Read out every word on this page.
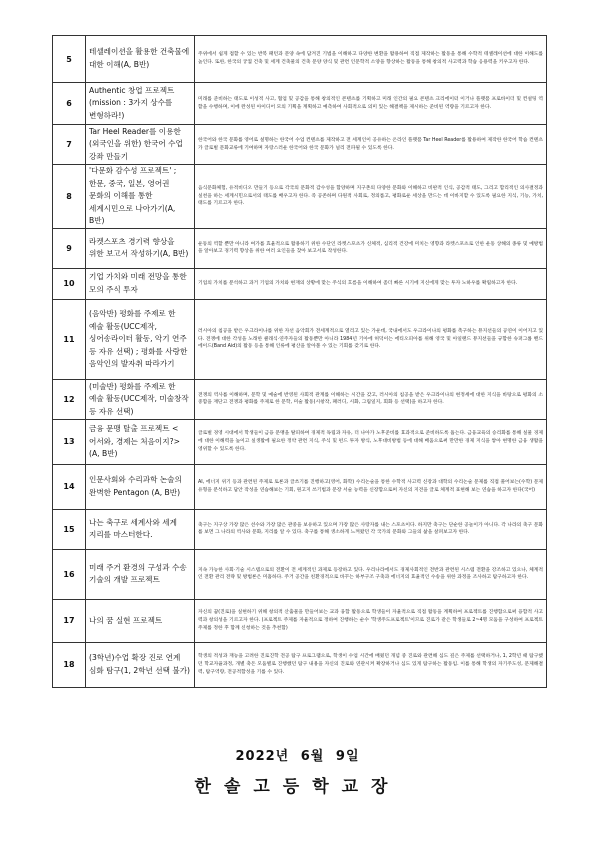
5	테셀레이션을 활용한 건축물에 대한 이해(A, B반)	주위에서 쉽게 접할 수 있는 반복 패턴과 문양 속에 담겨진 기법을 이해하고 다양한 변환을 활용하여 직접 제작하는 활동을 통해 수학적 테셀레이션에 대한 이해도를 높인다. 또한, 한국의 궁궐 건축 및 세계 건축물의 건축 문양 양식 및 관련 인문학적 소양을 향상하는 활동을 통해 창의적 사고력과 학습 응용력을 키우고자 한다.
6	Authentic 창업 프로젝트(mission : 3가지 상수를 변형하라!)	미래를 준비하는 태도로 이성적 사고, 협업 및 공감을 통해 창의적인 콘텐츠를 기획하고 미래 인간의 필요 콘텐츠 크리에이터 이거나 플랫폼 프로바이더 및 컨설팅 역할을 수행하며, 이에 완성된 아이디어 모의 기획을 계획하고 예측하여 사회적으로 의미 있는 해결책을 제시하는 준비된 역량을 기르고자 한다.
7	Tar Heel Reader를 이용한 (외국인을 위한) 한국어 수업 강좌 만들기	한국어와 한국 문화를 영어로 설명하는 한국어 수업 컨텐츠를 제작하고 전 세계인이 공유하는 온라인 플랫폼 Tar Heel Reader를 활용하여 제작한 한국어 학습 컨텐츠가 글로벌 문화교류에 기여하며 자랑스러운 한국어와 한국 문화가 널리 전파될 수 있도록 한다.
8	'다문화 감수성 프로젝트' ; 한문, 중국, 일본, 영어권 문화의 이해를 통한 세계시민으로 나아가기(A, B반)	음식문화체험, 유적비디오 만들기 등으로 각국의 문화적 감수성을 함양하며 지구촌의 다양한 문화와 이해하고 비판적 인식, 공감적 태도, 그리고 합리적인 의사결정과 실천을 하는 세계시민으로서의 태도를 배우고자 한다. 즉 공존하며 다원적 사회로, 정의롭고, 평화로운 세상을 만드는 데 이바지할 수 있도록 필요한 지식, 기능, 가치, 태도를 기르고자 한다.
9	라켓스포츠 경기력 향상을 위한 보고서 작성하기(A, B반)	운동의 역할 뿐만 아니라 여가를 효율적으로 활용하기 위한 수단인 라켓스포츠가 신체적, 심리적 건강에 미치는 영향과 라켓스포츠로 인한 운동 상해의 종류 및 예방법을 알아보고 경기력 향상을 위한 여러 요인들을 찾아 보고서로 작성한다.
10	기업 가치와 미래 전망을 통한 모의 주식 투자	기업의 가치를 분석하고 과거 기업의 가치와 현재의 상황에 맞는 주식의 흐름을 이해하여 좀더 빠른 시기에 지신에게 맞는 투자 노하우를 확립하고자 한다.
11	(음악반) 평화를 주제로 한 예술 활동(UCC제작, 싱어송라이터 활동, 악기 연주 등 자유 선택) ; 평화를 사랑한 음악인의 발자취 따라가기	러시아의 침공을 받은 우크라이나를 위한 자선 음악회가 전세계적으로 열리고 있는 가운데, 국내에서도 우크라이나의 평화를 촉구하는 뮤지션들의 공연이 이어지고 있다. 전쟁에 대한 각성을 노래한 클래식·연주자들의 활동뿐만 아니라 1984년 기아에 허덕이는 에티오피아를 위해 영국 및 아일랜드 뮤지션들을 규합한 슈퍼그룹 밴드 에이드(Band Aid)의 활동 등을 통해 인류에 평산을 알아볼 수 있는 기회를 갖기로 한다.
12	(미술반) 평화를 주제로 한 예술 활동(UCC제작, 미술창작 등 자유 선택)	전쟁의 역사를 이해하며, 문학 및 예술에 반영된 사회적 관계를 이해하는 시간을 갖고, 러시아의 침공을 받은 우크라이나의 현정세에 대한 지식을 바탕으로 평화의 소중함을 재단고 전쟁과 평화를 주제로 한 문학, 미술 활동(시창작, 패러디, 시화, 그림일지, 회화 등 선택)을 하고자 한다.
13	금융 문맹 탈출 프로젝트 <어서와, 경제는 처음이지?> (A, B반)	글로벌 경영 시대에서 학생들이 금융 문맹을 탈피하여 경제적 독립과 자유, 더 나아가 노후준비를 효과적으로 준비하도록 돕는다. 금융교육의 승리화를 통해 실물 경제에 대한 이해력을 높이고 실생활에 필요한 정약 관련 지식, 주식 및 펀드 투자 방식, 노후대비방법 등에 대해 배움으로써 만만한 경제 지식을 쌓아 현명한 금융 생활을 영위할 수 있도록 한다.
14	인문사회와 수리과학 논술의 완벽한 Pentagon (A, B반)	AI, 에너지 위기 등과 관련된 주제로 토론과 글쓰기를 진행하고(영어, 화학) 수리논술을 통한 수학적 사고력 신장과 대학의 수리논술 문제를 직접 풀어보는(수학) 문제 유형을 분석하고 답안 작성을 연습해보는 기회, 원고지 쓰기법과 문장 서술 능력을 신장함으로써 자신의 지견을 글로 체계적 표현해 보는 연습을 하고자 한다(국어)
15	나는 축구로 세계사와 세계 지리를 마스터한다.	축구는 지구상 가장 많은 선수와 가장 많은 관중을 보유하고 있으며 가장 많은 사랑자를 내는 스포츠이다. 하지만 축구는 단순한 공놀이가 아니다. 각 나라의 축구 문화를 보면 그 나라의 역사와 문화, 지리를 알 수 있다. 축구를 통해 생소하게 느껴왔던 각 국가의 문화와 그들의 삶을 살펴보고자 한다.
16	미래 주거 환경의 구성과 수송 기술의 개발 프로젝트	지속 가능한 사회·기술 시스템으로의 전환이 전 세계적인 과제로 등장하고 있다. 우리나라에서도 경제사회적인 전반과 관련된 시스템 전환을 강조하고 있으나, 체계적인 전환 관리 전략 및 방법론은 미흡하다. 주거 공간을 친환경적으로 바꾸는 하부구조 구축과 에너지의 효율적인 수송을 위한 과정을 조사하고 탐구하고자 한다.
17	나의 꿈 실현 프로젝트	자신의 꿈(진로)을 실현하기 위해 창의적 산출물을 만들어보는 교과 융합 활동으로 학생들이 자율적으로 직접 활동을 계획하여 프로젝트를 진행함으로써 융합적 사고력과 창의성을 기르고자 한다. (프로젝트 주제를 자율적으로 정하여 진행하는 순수 '학생주도프로젝트'이므로 진로가 같은 학생들로 2~4명 모둠을 구성하여 프로젝트 주제를 정한 후 함께 신청하는 것을 추천함)
18	(3학년)수업 확장 진로 연계 심화 탐구(1, 2학년 선택 불가)	학생의 적성과 재능을 고려한 진로진학 전공 탐구 프로그램으로, 학생이 수업 시간에 배웠던 개념 중 진로와 관련해 심도 깊은 주제를 선택하거나, 1, 2학년 때 탐구했던 학교자율과정, 개별 축돈 모둠별로 진행했던 탐구 내용을 자신의 진로와 연관시켜 확장하거나 심도 있게 탐구하는 활동임. 이를 통해 학생의 자기주도성, 문제해결력, 탐구역량, 전공적합성을 기를 수 있다.
2022년 6월 9일
한솔고등학교장
